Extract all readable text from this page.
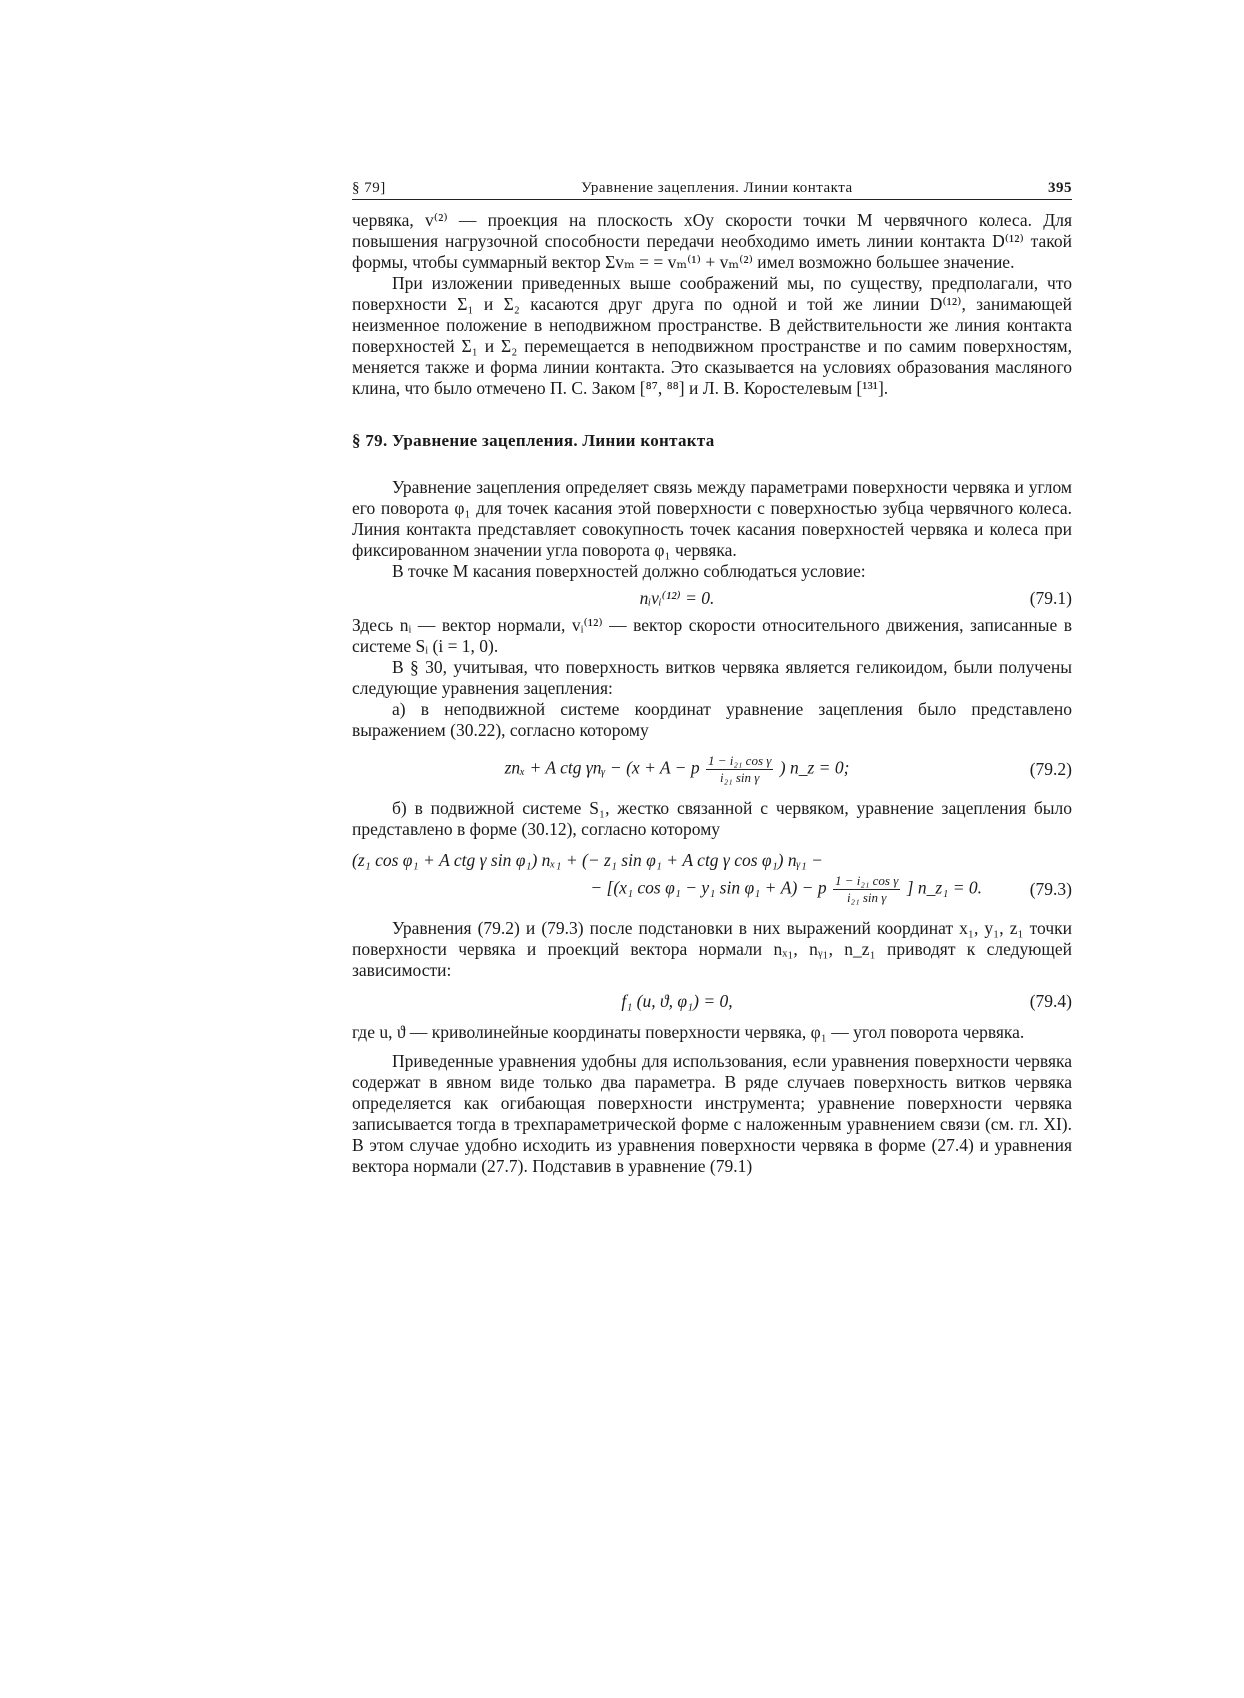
§ 79]	Уравнение зацепления. Линии контакта	395

червяка, v⁽²⁾ — проекция на плоскость xOy скорости точки M червячного колеса. Для повышения нагрузочной способности передачи необходимо иметь линии контакта D⁽¹²⁾ такой формы, чтобы суммарный вектор Σvₘ = = vₘ⁽¹⁾ + vₘ⁽²⁾ имел возможно большее значение.

При изложении приведенных выше соображений мы, по существу, предполагали, что поверхности Σ₁ и Σ₂ касаются друг друга по одной и той же линии D⁽¹²⁾, занимающей неизменное положение в неподвижном пространстве. В действительности же линия контакта поверхностей Σ₁ и Σ₂ перемещается в неподвижном пространстве и по самим поверхностям, меняется также и форма линии контакта. Это сказывается на условиях образования масляного клина, что было отмечено П. С. Заком [⁸⁷, ⁸⁸] и Л. В. Коростелевым [¹³¹].

§ 79. Уравнение зацепления. Линии контакта

Уравнение зацепления определяет связь между параметрами поверхности червяка и углом его поворота φ₁ для точек касания этой поверхности с поверхностью зубца червячного колеса. Линия контакта представляет совокупность точек касания поверхностей червяка и колеса при фиксированном значении угла поворота φ₁ червяка.

В точке M касания поверхностей должно соблюдаться условие:

nᵢvᵢ⁽¹²⁾ = 0.	(79.1)

Здесь nᵢ — вектор нормали, vᵢ⁽¹²⁾ — вектор скорости относительного движения, записанные в системе Sᵢ (i = 1, 0).

В § 30, учитывая, что поверхность витков червяка является геликоидом, были получены следующие уравнения зацепления:

а) в неподвижной системе координат уравнение зацепления было представлено выражением (30.22), согласно которому

znₓ + A ctg γnᵧ − (x + A − p $\frac{\text{1 − i₂₁ cos γ}}{\text{i₂₁ sin γ}}$ ) n_z = 0;	(79.2)

б) в подвижной системе S₁, жестко связанной с червяком, уравнение зацепления было представлено в форме (30.12), согласно которому

(z₁ cos φ₁ + A ctg γ sin φ₁) nₓ₁ + (− z₁ sin φ₁ + A ctg γ cos φ₁) nᵧ₁ −
− [(x₁ cos φ₁ − y₁ sin φ₁ + A) − p $\frac{\text{1 − i₂₁ cos γ}}{\text{i₂₁ sin γ}}$ ] n_z₁ = 0.	(79.3)

Уравнения (79.2) и (79.3) после подстановки в них выражений координат x₁, y₁, z₁ точки поверхности червяка и проекций вектора нормали nₓ₁, nᵧ₁, n_z₁ приводят к следующей зависимости:

f₁ (u, ϑ, φ₁) = 0,	(79.4)

где u, ϑ — криволинейные координаты поверхности червяка, φ₁ — угол поворота червяка.

Приведенные уравнения удобны для использования, если уравнения поверхности червяка содержат в явном виде только два параметра. В ряде случаев поверхность витков червяка определяется как огибающая поверхности инструмента; уравнение поверхности червяка записывается тогда в трехпараметрической форме с наложенным уравнением связи (см. гл. XI). В этом случае удобно исходить из уравнения поверхности червяка в форме (27.4) и уравнения вектора нормали (27.7). Подставив в уравнение (79.1)
